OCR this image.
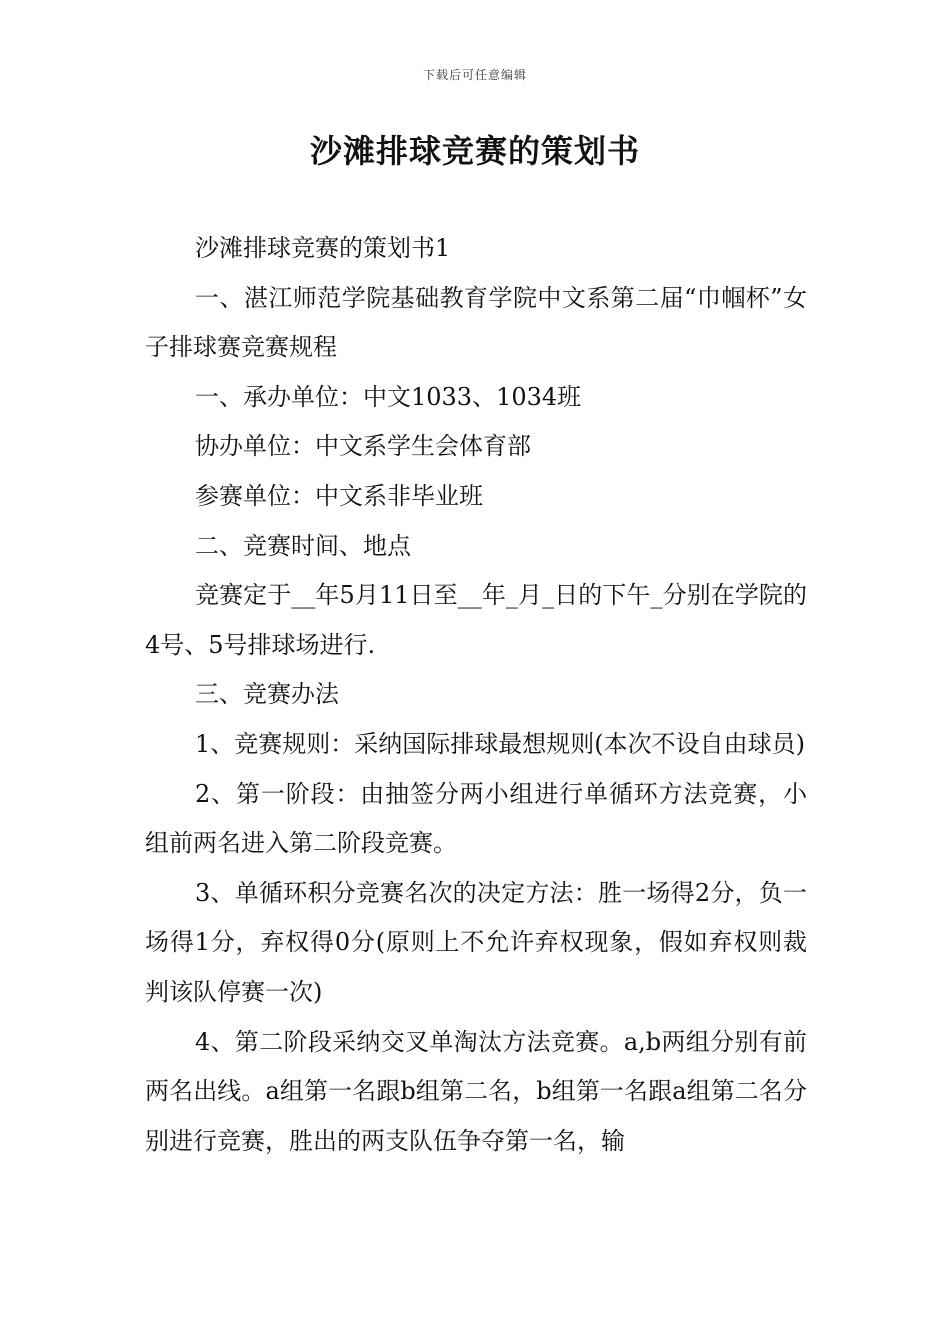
下载后可任意编辑
沙滩排球竞赛的策划书

沙滩排球竞赛的策划书1

一、湛江师范学院基础教育学院中文系第二届“巾帼杯”女子排球赛竞赛规程

一、承办单位：中文1033、1034班

协办单位：中文系学生会体育部

参赛单位：中文系非毕业班

二、竞赛时间、地点

竞赛定于__年5月11日至__年_月_日的下午_分别在学院的4号、5号排球场进行.

三、竞赛办法

1、竞赛规则：采纳国际排球最想规则(本次不设自由球员)

2、第一阶段：由抽签分两小组进行单循环方法竞赛，小组前两名进入第二阶段竞赛。

3、单循环积分竞赛名次的决定方法：胜一场得2分，负一场得1分，弃权得0分(原则上不允许弃权现象，假如弃权则裁判该队停赛一次)

4、第二阶段采纳交叉单淘汰方法竞赛。a,b两组分别有前两名出线。a组第一名跟b组第二名，b组第一名跟a组第二名分别进行竞赛，胜出的两支队伍争夺第一名，输
